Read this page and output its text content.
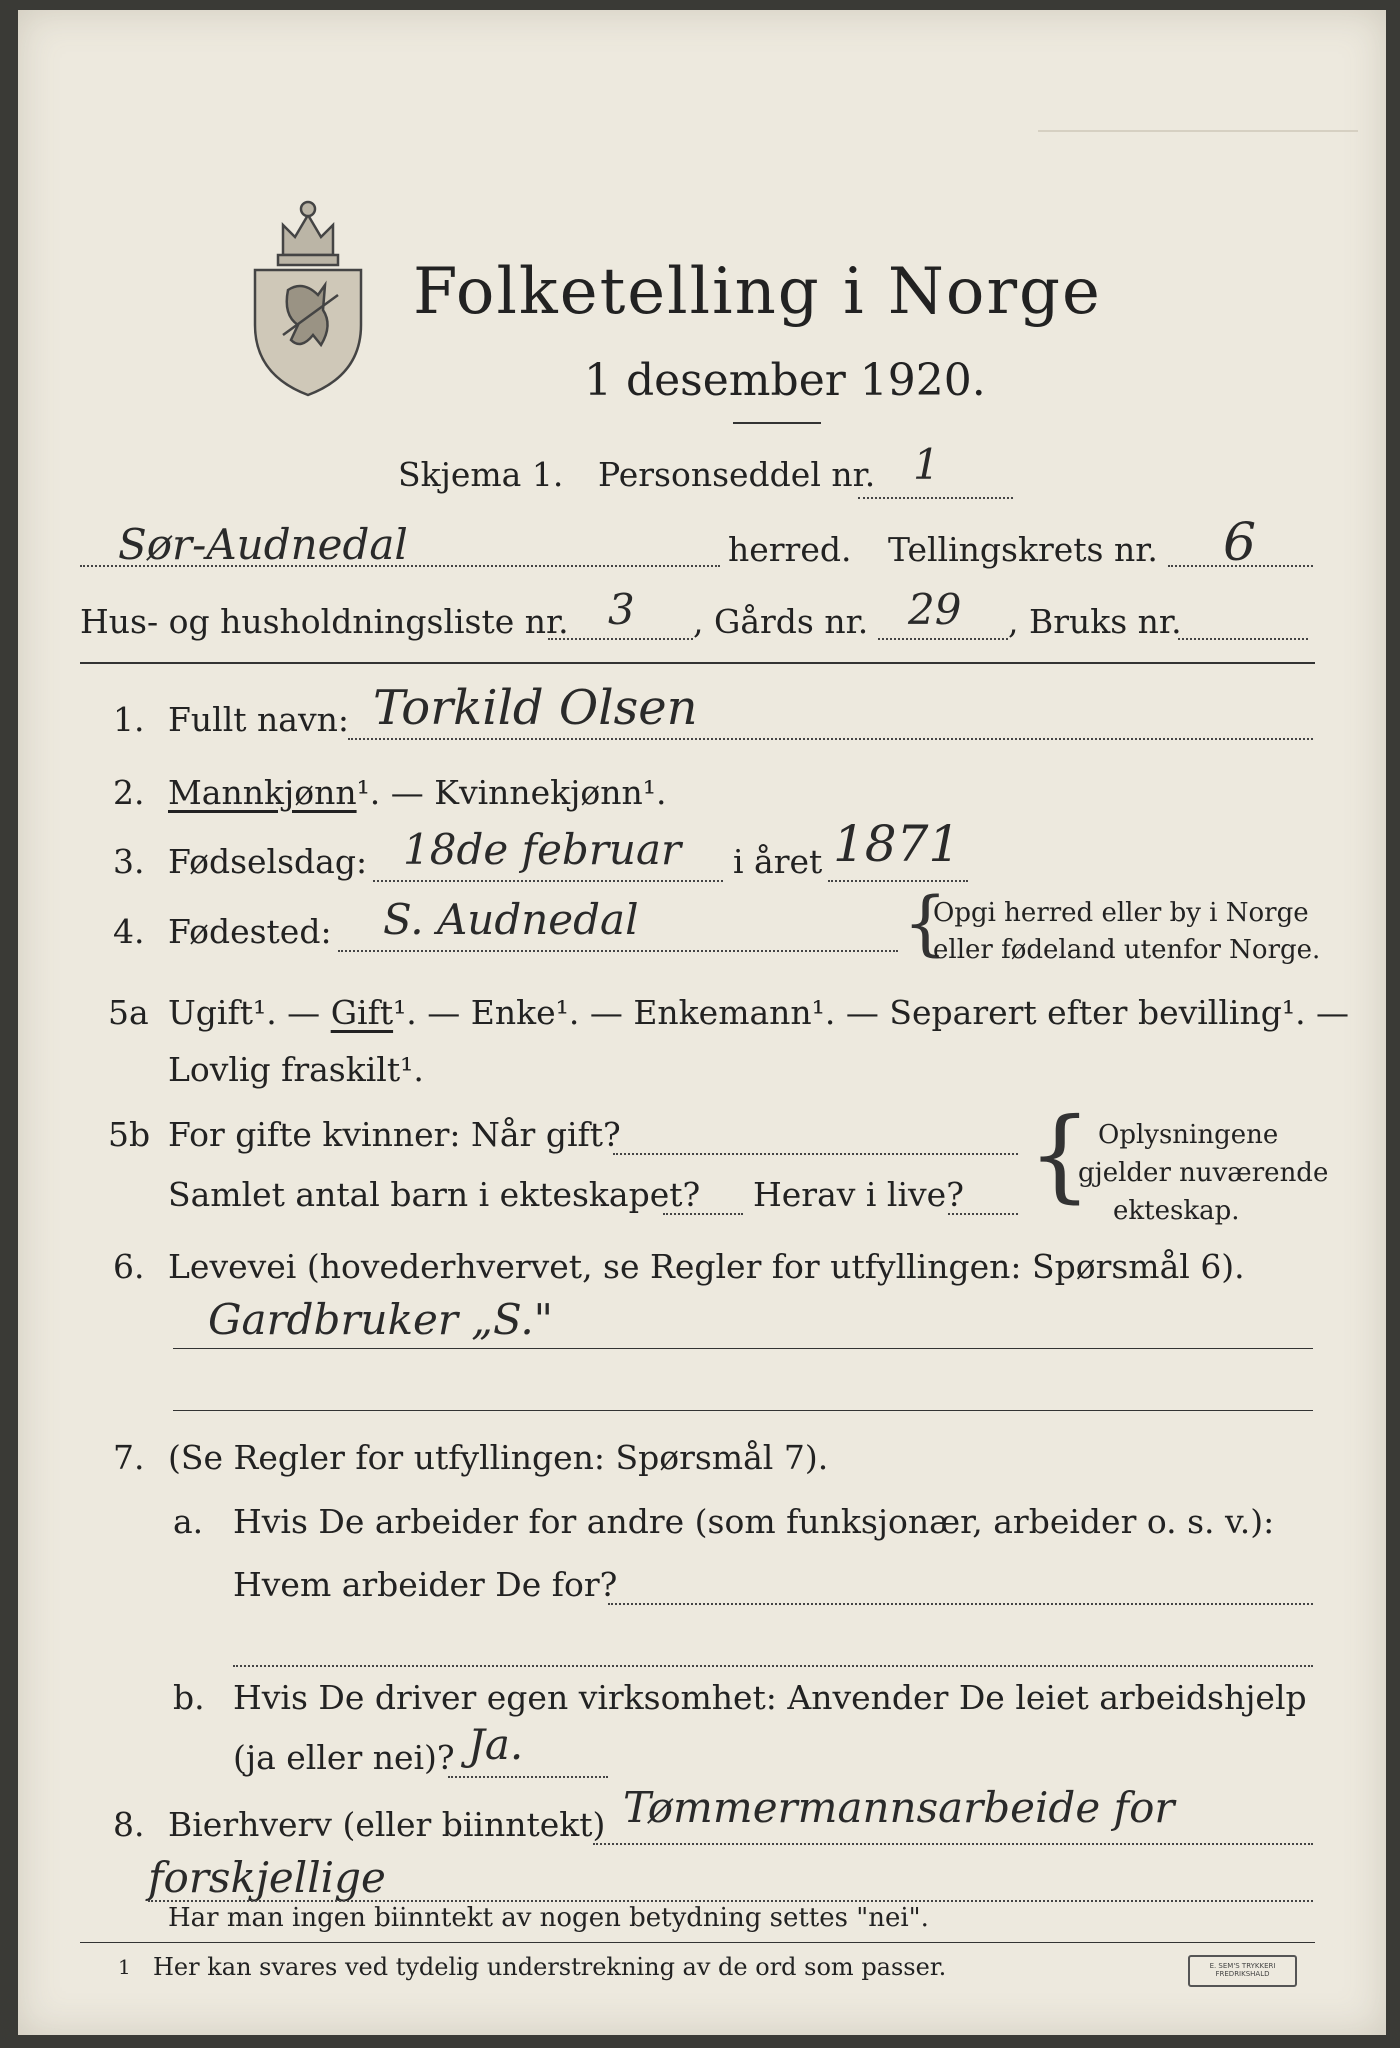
Folketelling i Norge
1 desember 1920.
Skjema 1. Personseddel nr. 1
Sør-Audnedal	herred. Tellingskrets nr. 6
Hus- og husholdningsliste nr. 3 , Gårds nr. 29 , Bruks nr.
1. Fullt navn: Torkild Olsen
2. Mannkjønn¹. — Kvinnekjønn¹.
3. Fødselsdag: 18de februar i året 1871
4. Fødested: S. Audnedal	{
Opgi herred eller by i Norge
eller fødeland utenfor Norge.
5a Ugift¹. — Gift¹. — Enke¹. — Enkemann¹. — Separert efter bevilling¹. —
Lovlig fraskilt¹.
5b For gifte kvinner: Når gift?
Samlet antal barn i ekteskapet? Herav i live? { Oplysningene
gjelder nuværende
ekteskap.
6. Levevei (hovederhvervet, se Regler for utfyllingen: Spørsmål 6).
Gardbruker „S."
7. (Se Regler for utfyllingen: Spørsmål 7).
a. Hvis De arbeider for andre (som funksjonær, arbeider o. s. v.):
Hvem arbeider De for?
b. Hvis De driver egen virksomhet: Anvender De leiet arbeidshjelp
(ja eller nei)? Ja.
8. Bierhverv (eller biinntekt) Tømmermannsarbeide for
forskjellige
Har man ingen biinntekt av nogen betydning settes "nei".
1 Her kan svares ved tydelig understrekning av de ord som passer.	E. SEM'S TRYKKERI FREDRIKSHALD
